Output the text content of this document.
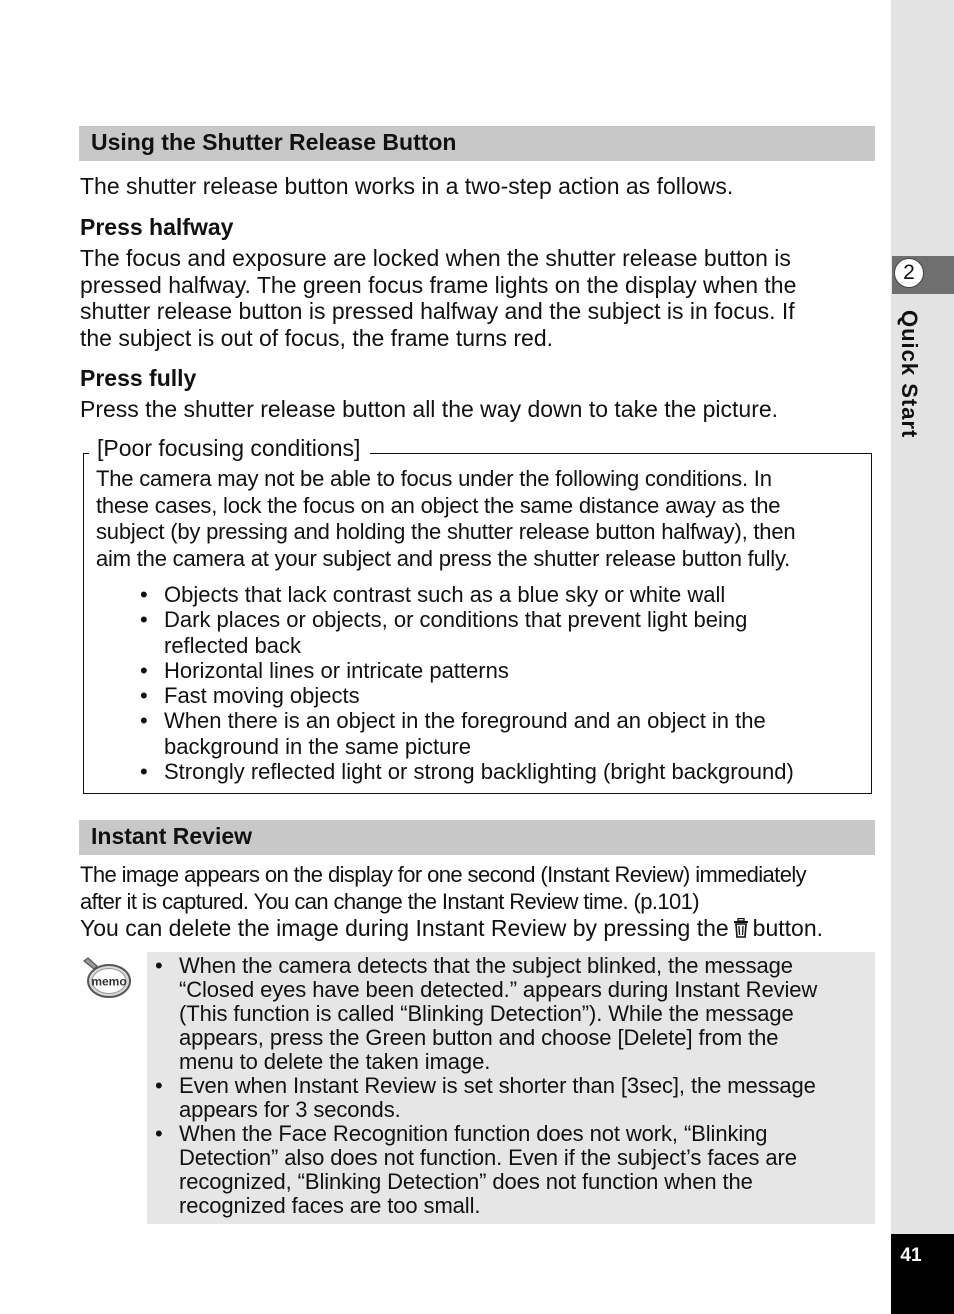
2
Quick Start
41
Using the Shutter Release Button
The shutter release button works in a two-step action as follows.
Press halfway
The focus and exposure are locked when the shutter release button is
pressed halfway. The green focus frame lights on the display when the
shutter release button is pressed halfway and the subject is in focus. If
the subject is out of focus, the frame turns red.
Press fully
Press the shutter release button all the way down to take the picture.
[Poor focusing conditions]
The camera may not be able to focus under the following conditions. In
these cases, lock the focus on an object the same distance away as the
subject (by pressing and holding the shutter release button halfway), then
aim the camera at your subject and press the shutter release button fully.
• Objects that lack contrast such as a blue sky or white wall
• Dark places or objects, or conditions that prevent light being
reflected back
• Horizontal lines or intricate patterns
• Fast moving objects
• When there is an object in the foreground and an object in the
background in the same picture
• Strongly reflected light or strong backlighting (bright background)
Instant Review
The image appears on the display for one second (Instant Review) immediately
after it is captured. You can change the Instant Review time. (p.101)
You can delete the image during Instant Review by pressing the button.
memo
• When the camera detects that the subject blinked, the message
“Closed eyes have been detected.” appears during Instant Review
(This function is called “Blinking Detection”). While the message
appears, press the Green button and choose [Delete] from the
menu to delete the taken image.
• Even when Instant Review is set shorter than [3sec], the message
appears for 3 seconds.
• When the Face Recognition function does not work, “Blinking
Detection” also does not function. Even if the subject’s faces are
recognized, “Blinking Detection” does not function when the
recognized faces are too small.
